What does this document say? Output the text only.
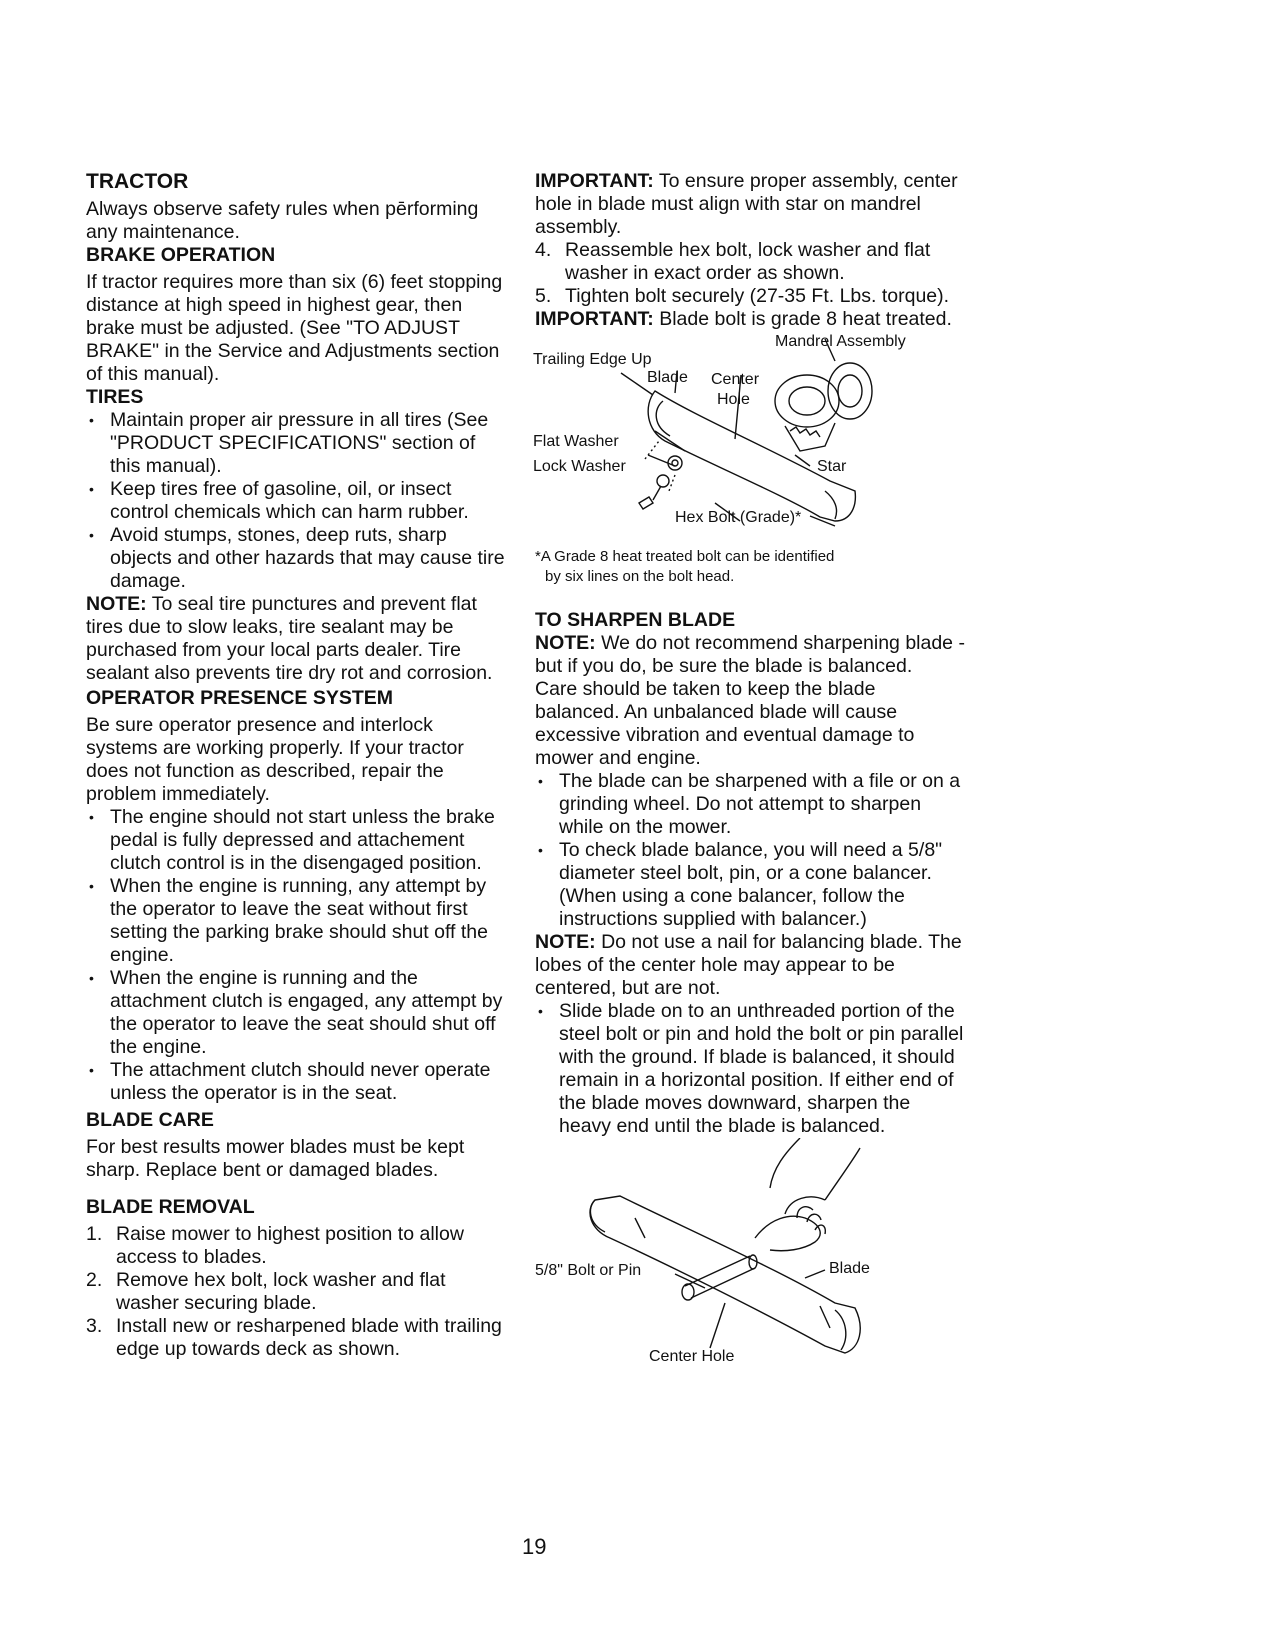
TRACTOR

Always observe safety rules when pērforming any maintenance.

BRAKE OPERATION

If tractor requires more than six (6) feet stopping distance at high speed in highest gear, then brake must be adjusted. (See "TO ADJUST BRAKE" in the Service and Adjustments section of this manual).

TIRES
• Maintain proper air pressure in all tires (See "PRODUCT SPECIFICATIONS" section of this manual).
• Keep tires free of gasoline, oil, or insect control chemicals which can harm rubber.
• Avoid stumps, stones, deep ruts, sharp objects and other hazards that may cause tire damage.

NOTE: To seal tire punctures and prevent flat tires due to slow leaks, tire sealant may be purchased from your local parts dealer. Tire sealant also prevents tire dry rot and corrosion.

OPERATOR PRESENCE SYSTEM

Be sure operator presence and interlock systems are working properly. If your tractor does not function as described, repair the problem immediately.

• The engine should not start unless the brake pedal is fully depressed and attachement clutch control is in the disengaged position.
• When the engine is running, any attempt by the operator to leave the seat without first setting the parking brake should shut off the engine.
• When the engine is running and the attachment clutch is engaged, any attempt by the operator to leave the seat should shut off the engine.
• The attachment clutch should never operate unless the operator is in the seat.
BLADE CARE

For best results mower blades must be kept sharp. Replace bent or damaged blades.

BLADE REMOVAL
1. Raise mower to highest position to allow access to blades.
2. Remove hex bolt, lock washer and flat washer securing blade.
3. Install new or resharpened blade with trailing edge up towards deck as shown.

IMPORTANT: To ensure proper assembly, center hole in blade must align with star on mandrel assembly.

4. Reassemble hex bolt, lock washer and flat washer in exact order as shown.
5. Tighten bolt securely (27-35 Ft. Lbs. torque).

IMPORTANT: Blade bolt is grade 8 heat treated.

Mandrel Assembly
Trailing Edge Up
Blade Center
Hole
Flat Washer
Lock Washer	Star
Hex Bolt (Grade)*
*A Grade 8 heat treated bolt can be identified
by six lines on the bolt head.
TO SHARPEN BLADE

NOTE: We do not recommend sharpening blade - but if you do, be sure the blade is balanced.

Care should be taken to keep the blade balanced. An unbalanced blade will cause excessive vibration and eventual damage to mower and engine.

• The blade can be sharpened with a file or on a grinding wheel. Do not attempt to sharpen while on the mower.
• To check blade balance, you will need a 5/8" diameter steel bolt, pin, or a cone balancer. (When using a cone balancer, follow the instructions supplied with balancer.)

NOTE: Do not use a nail for balancing blade. The lobes of the center hole may appear to be centered, but are not.

• Slide blade on to an unthreaded portion of the steel bolt or pin and hold the bolt or pin parallel with the ground. If blade is balanced, it should remain in a horizontal position. If either end of the blade moves downward, sharpen the heavy end until the blade is balanced.
5/8" Bolt or Pin	Blade
Center Hole
19
